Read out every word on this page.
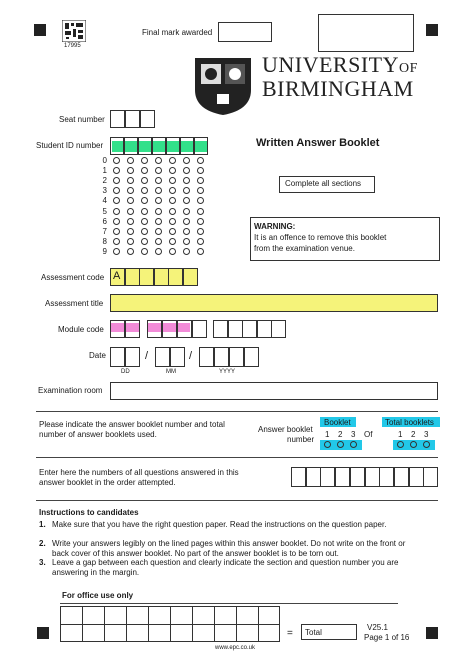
17995
Final mark awarded
UNIVERSITYOF
BIRMINGHAM
Written Answer Booklet
Seat number
Student ID number
0
1
2
3
4
5
6
7
8
9
Complete all sections
WARNING:
It is an offence to remove this booklet
from the examination venue.
Assessment code A
Assessment title
Module code
Date	/	/
DD	MM	YYYY
Examination room
Please indicate the answer booklet number and total
number of answer booklets used.
Answer booklet
number
Booklet	Total booklets
1 2 3	1 2 3
Of
Enter here the numbers of all questions answered in this
answer booklet in the order attempted.
Instructions to candidates
1. Make sure that you have the right question paper. Read the instructions on the question paper.
2. Write your answers legibly on the lined pages within this answer booklet. Do not write on the front or
back cover of this answer booklet. No part of the answer booklet is to be torn out.
3. Leave a gap between each question and clearly indicate the section and question number you are
answering in the margin.
For office use only
= Total
V25.1
Page 1 of 16
www.epc.co.uk
